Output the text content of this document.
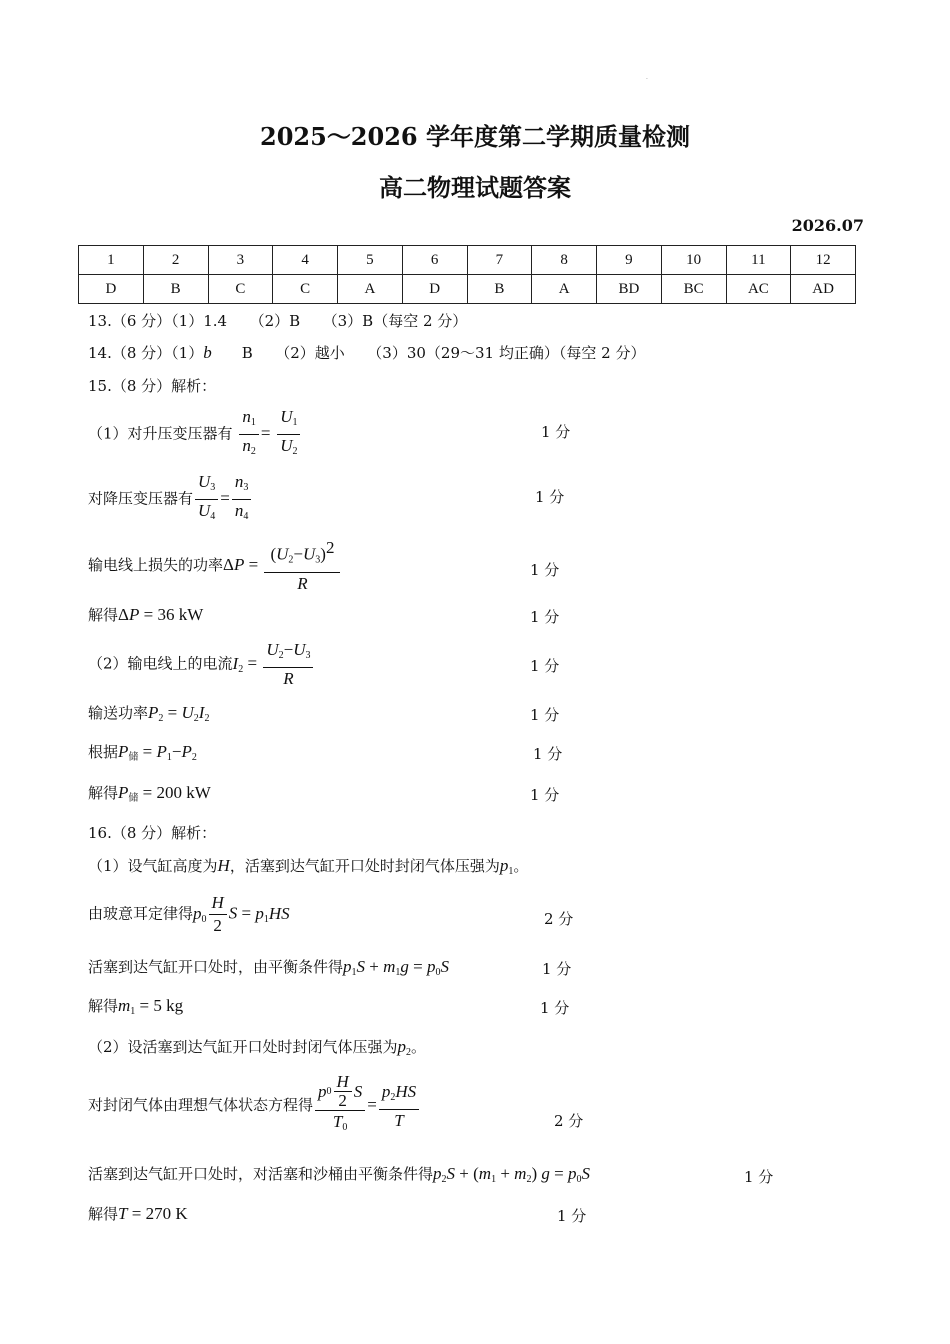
·
2025～2026 学年度第二学期质量检测
高二物理试题答案
2026.07
1	2	3	4	5	6	7	8	9	10	11	12
D	B	C	C	A	D	B	A	BD	BC	AC	AD
13.（6 分）（1）1.4　　（2）B　　（3）B（每空 2 分）
14.（8 分）（1）b　　B　　（2）越小　　（3）30（29～31 均正确）（每空 2 分）
15.（8 分）解析：
（1）对升压变压器有 $\frac{n_1}{n_2} = \frac{U_1}{U_2}$	1 分
对降压变压器有 $\frac{U_3}{U_4} = \frac{n_3}{n_4}$	1 分
输电线上损失的功率$\Delta P = \frac{(U_2-U_3)^2}{R}$	1 分
解得ΔP = 36 kW	1 分
（2）输电线上的电流$I_2 = \frac{U_2-U_3}{R}$	1 分
输送功率$P_2 = U_2I_2$	1 分
根据$P_储 = P_1-P_2$	1 分
解得$P_储 = 200$ kW	1 分
16.（8 分）解析：
（1）设气缸高度为H，活塞到达气缸开口处时封闭气体压强为$p_1$。
由玻意耳定律得$p_0 \frac{H}{2}$ $S = p_1HS$	2 分
活塞到达气缸开口处时，由平衡条件得$p_1S + m_1g = p_0S$	1 分
解得$m_1 = 5$ kg	1 分
（2）设活塞到达气缸开口处时封闭气体压强为$p_2$。
对封闭气体由理想气体状态方程得 $\frac{p 0 \frac{H}{2} S}{T_0} = \frac{p_2HS}{T}$	2 分
活塞到达气缸开口处时，对活塞和沙桶由平衡条件得$p_2S + (m_1 + m_2) g = p_0S$	1 分
解得T = 270 K	1 分
